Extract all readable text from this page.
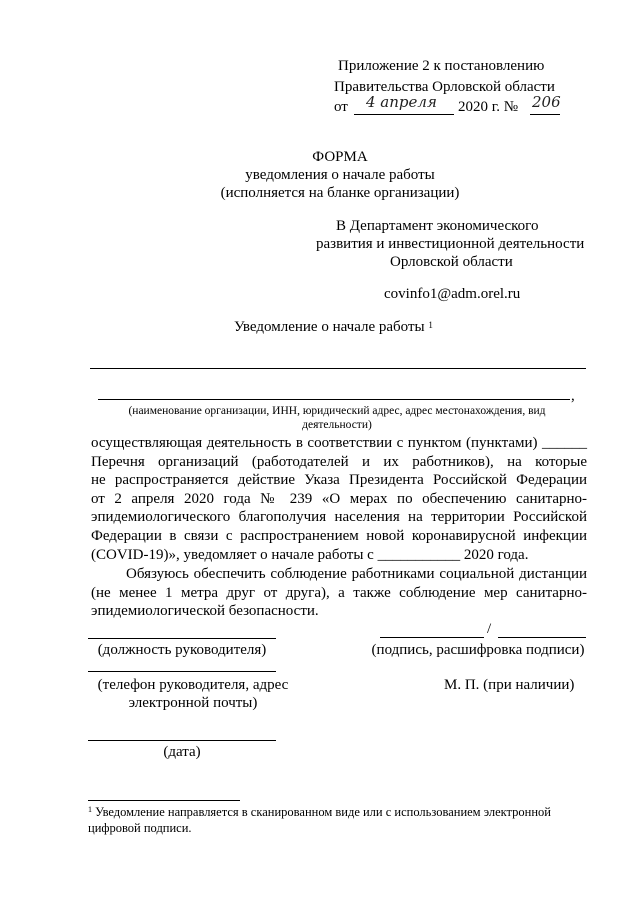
Приложение 2 к постановлению
Правительства Орловской области
от 4 апреля 2020 г. № 206
ФОРМА
уведомления о начале работы
(исполняется на бланке организации)
В Департамент экономического
развития и инвестиционной деятельности
Орловской области
covinfo1@adm.orel.ru
Уведомление о начале работы $^1$
,
(наименование организации, ИНН, юридический адрес, адрес местонахождения, вид
деятельности)
осуществляющая деятельность в соответствии с пунктом (пунктами) ______
Перечня организаций (работодателей и их работников), на которые
не распространяется действие Указа Президента Российской Федерации
от 2 апреля 2020 года № 239 «О мерах по обеспечению санитарно-
эпидемиологического благополучия населения на территории Российской
Федерации в связи с распространением новой коронавирусной инфекции
(COVID-19)», уведомляет о начале работы с ___________ 2020 года.
Обязуюсь обеспечить соблюдение работниками социальной дистанции
(не менее 1 метра друг от друга), а также соблюдение мер санитарно-
эпидемиологической безопасности.
(должность руководителя)
/
(подпись, расшифровка подписи)
(телефон руководителя, адрес
электронной почты)
М. П. (при наличии)
(дата)
$^1$ Уведомление направляется в сканированном виде или с использованием электронной
цифровой подписи.
